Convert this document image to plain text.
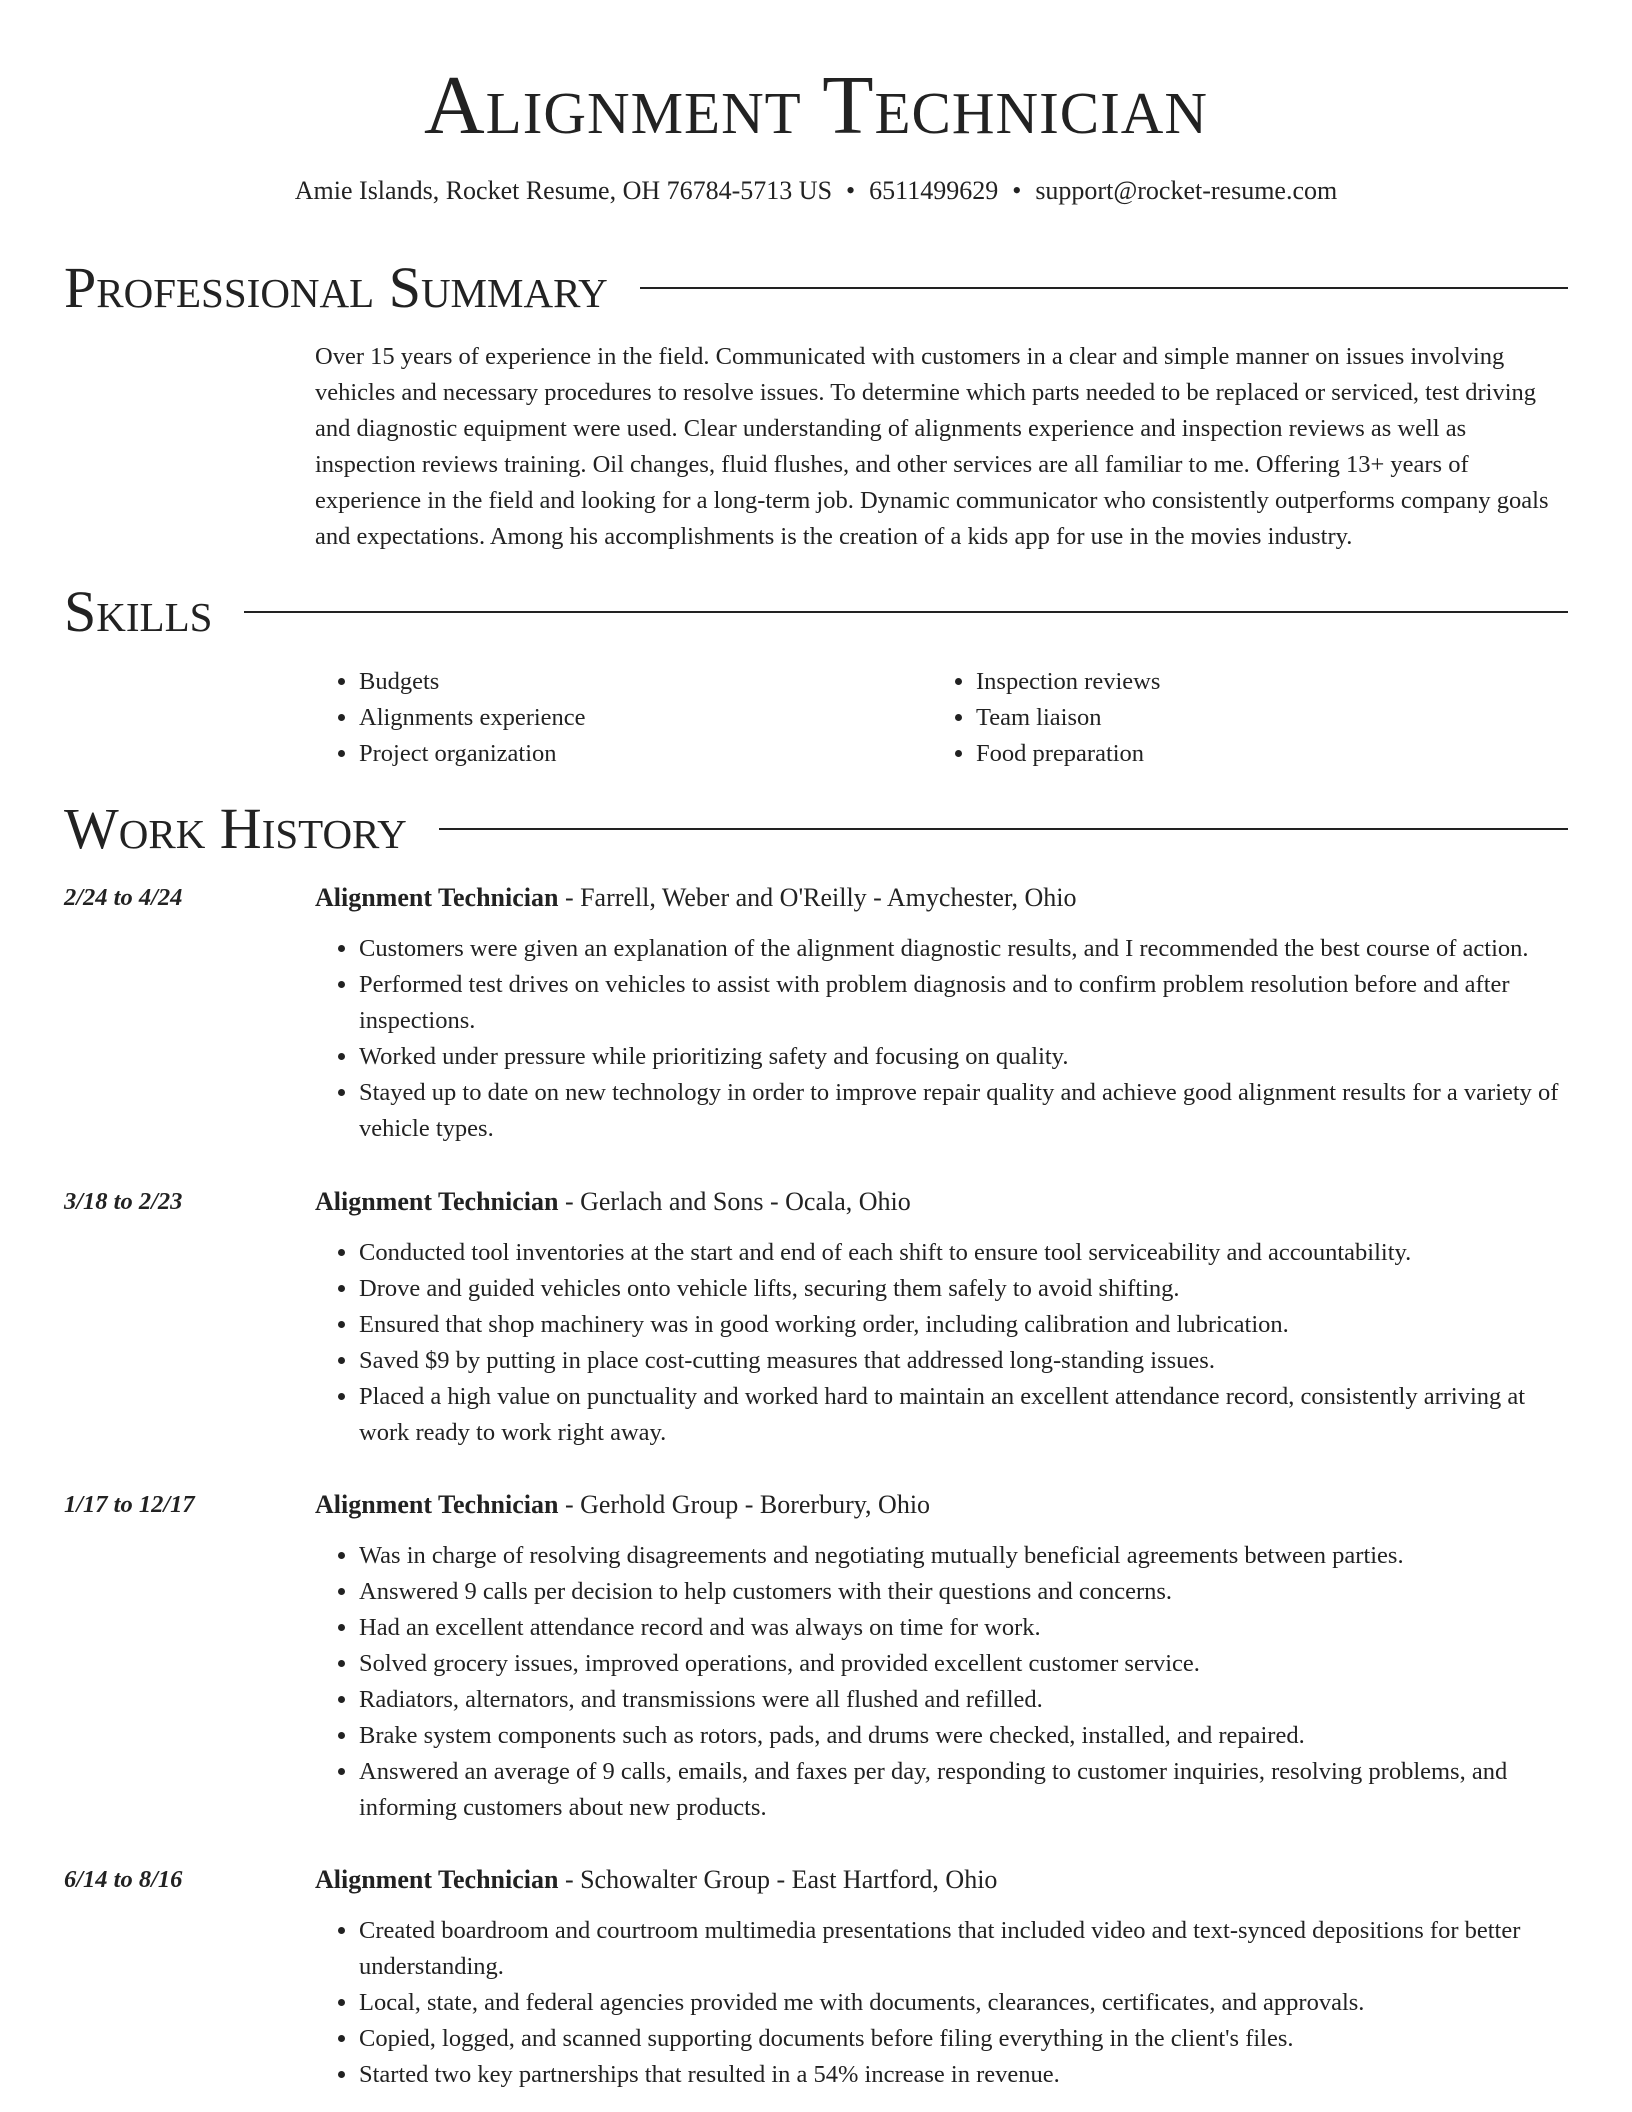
Alignment Technician
Amie Islands, Rocket Resume, OH 76784-5713 US • 6511499629 • support@rocket-resume.com
Professional Summary

Over 15 years of experience in the field. Communicated with customers in a clear and simple manner on issues involving vehicles and necessary procedures to resolve issues. To determine which parts needed to be replaced or serviced, test driving and diagnostic equipment were used. Clear understanding of alignments experience and inspection reviews as well as inspection reviews training. Oil changes, fluid flushes, and other services are all familiar to me. Offering 13+ years of experience in the field and looking for a long-term job. Dynamic communicator who consistently outperforms company goals and expectations. Among his accomplishments is the creation of a kids app for use in the movies industry.

Skills
• Budgets
• Alignments experience
• Project organization
• Inspection reviews
• Team liaison
• Food preparation
Work History
2/24 to 4/24	Alignment Technician - Farrell, Weber and O'Reilly - Amychester, Ohio
• Customers were given an explanation of the alignment diagnostic results, and I recommended the best course of action.
• Performed test drives on vehicles to assist with problem diagnosis and to confirm problem resolution before and after inspections.
• Worked under pressure while prioritizing safety and focusing on quality.
• Stayed up to date on new technology in order to improve repair quality and achieve good alignment results for a variety of vehicle types.
3/18 to 2/23	Alignment Technician - Gerlach and Sons - Ocala, Ohio
• Conducted tool inventories at the start and end of each shift to ensure tool serviceability and accountability.
• Drove and guided vehicles onto vehicle lifts, securing them safely to avoid shifting.
• Ensured that shop machinery was in good working order, including calibration and lubrication.
• Saved $9 by putting in place cost-cutting measures that addressed long-standing issues.
• Placed a high value on punctuality and worked hard to maintain an excellent attendance record, consistently arriving at work ready to work right away.
1/17 to 12/17	Alignment Technician - Gerhold Group - Borerbury, Ohio
• Was in charge of resolving disagreements and negotiating mutually beneficial agreements between parties.
• Answered 9 calls per decision to help customers with their questions and concerns.
• Had an excellent attendance record and was always on time for work.
• Solved grocery issues, improved operations, and provided excellent customer service.
• Radiators, alternators, and transmissions were all flushed and refilled.
• Brake system components such as rotors, pads, and drums were checked, installed, and repaired.
• Answered an average of 9 calls, emails, and faxes per day, responding to customer inquiries, resolving problems, and informing customers about new products.
6/14 to 8/16	Alignment Technician - Schowalter Group - East Hartford, Ohio
• Created boardroom and courtroom multimedia presentations that included video and text-synced depositions for better understanding.
• Local, state, and federal agencies provided me with documents, clearances, certificates, and approvals.
• Copied, logged, and scanned supporting documents before filing everything in the client's files.
• Started two key partnerships that resulted in a 54% increase in revenue.
